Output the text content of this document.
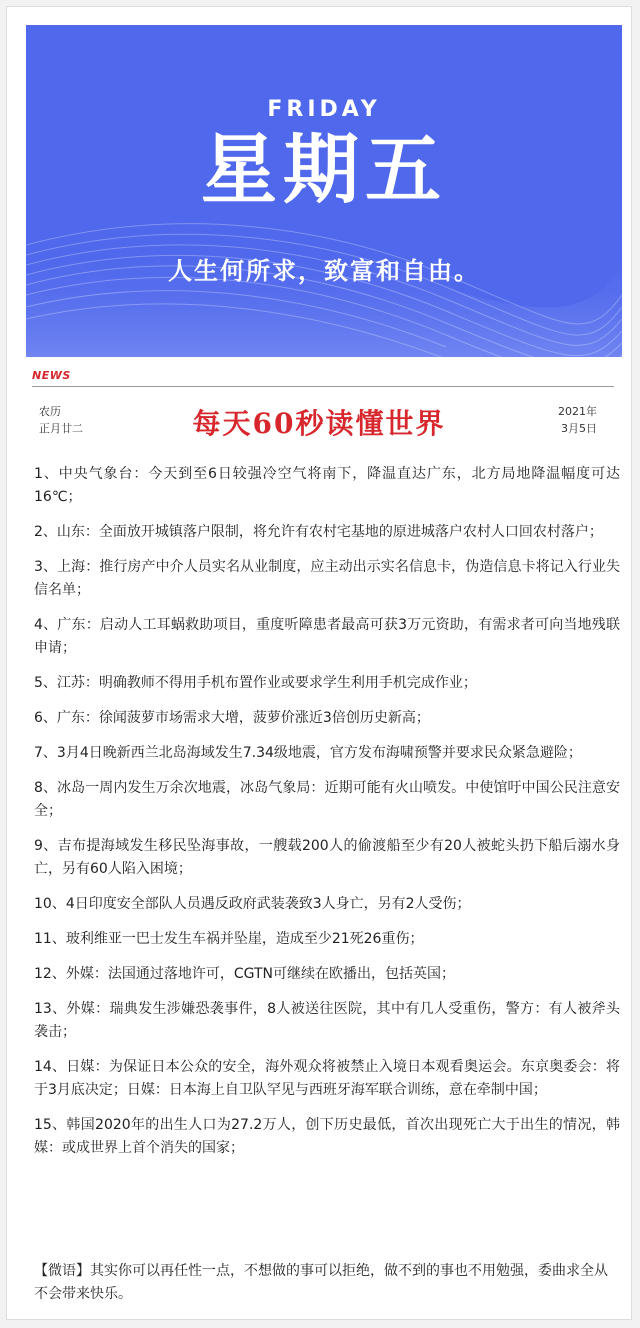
FRIDAY
星期五
人生何所求，致富和自由。
NEWS
农历
正月廿二	每天60秒读懂世界	2021年
3月5日
1、中央气象台：今天到至6日较强冷空气将南下，降温直达广东，北方局地降温幅度可达16℃；
2、山东：全面放开城镇落户限制，将允许有农村宅基地的原进城落户农村人口回农村落户；
3、上海：推行房产中介人员实名从业制度，应主动出示实名信息卡，伪造信息卡将记入行业失信名单；
4、广东：启动人工耳蜗救助项目，重度听障患者最高可获3万元资助，有需求者可向当地残联申请；
5、江苏：明确教师不得用手机布置作业或要求学生利用手机完成作业；
6、广东：徐闻菠萝市场需求大增，菠萝价涨近3倍创历史新高；
7、3月4日晚新西兰北岛海域发生7.34级地震，官方发布海啸预警并要求民众紧急避险；
8、冰岛一周内发生万余次地震，冰岛气象局：近期可能有火山喷发。中使馆吁中国公民注意安全；
9、吉布提海域发生移民坠海事故，一艘载200人的偷渡船至少有20人被蛇头扔下船后溺水身亡，另有60人陷入困境；
10、4日印度安全部队人员遇反政府武装袭致3人身亡，另有2人受伤；
11、玻利维亚一巴士发生车祸并坠崖，造成至少21死26重伤；
12、外媒：法国通过落地许可，CGTN可继续在欧播出，包括英国；
13、外媒：瑞典发生涉嫌恐袭事件，8人被送往医院，其中有几人受重伤，警方：有人被斧头袭击；
14、日媒：为保证日本公众的安全，海外观众将被禁止入境日本观看奥运会。东京奥委会：将于3月底决定；日媒：日本海上自卫队罕见与西班牙海军联合训练，意在牵制中国；
15、韩国2020年的出生人口为27.2万人，创下历史最低，首次出现死亡大于出生的情况，韩媒：或成世界上首个消失的国家；
【微语】其实你可以再任性一点，不想做的事可以拒绝，做不到的事也不用勉强，委曲求全从不会带来快乐。
